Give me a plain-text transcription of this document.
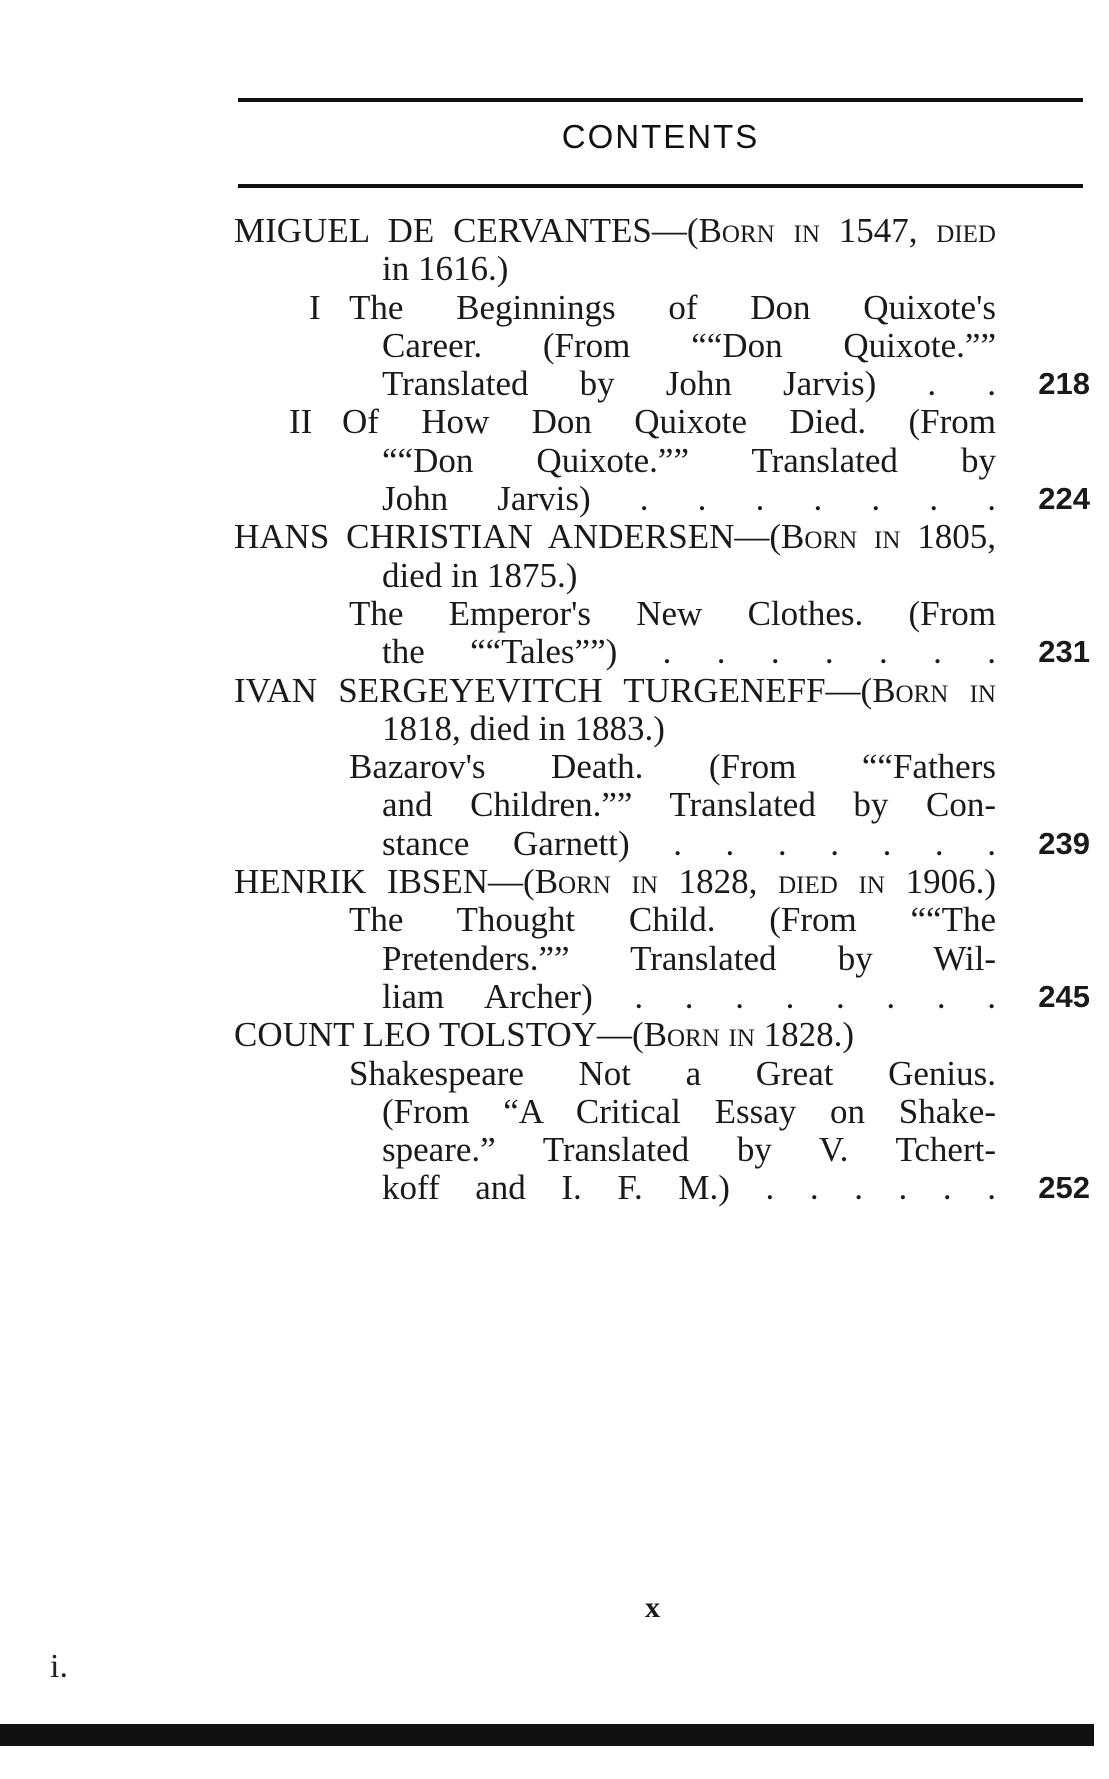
CONTENTS
MIGUEL DE CERVANTES—(Born in 1547, died
in 1616.)
I The Beginnings of Don Quixote's
Career. (From ““Don Quixote.””
Translated by John Jarvis) . . 218
II Of How Don Quixote Died. (From
““Don Quixote.”” Translated by
John Jarvis) . . . . . . . 224
HANS CHRISTIAN ANDERSEN—(Born in 1805,
died in 1875.)
The Emperor's New Clothes. (From
the ““Tales””) . . . . . . . 231
IVAN SERGEYEVITCH TURGENEFF—(Born in
1818, died in 1883.)
Bazarov's Death. (From ““Fathers
and Children.”” Translated by Con-
stance Garnett) . . . . . . . 239
HENRIK IBSEN—(Born in 1828, died in 1906.)
The Thought Child. (From ““The
Pretenders.”” Translated by Wil-
liam Archer) . . . . . . . . 245
COUNT LEO TOLSTOY—(Born in 1828.)
Shakespeare Not a Great Genius.
(From “A Critical Essay on Shake-
speare.” Translated by V. Tchert-
koff and I. F. M.) . . . . . . 252
x
i.
